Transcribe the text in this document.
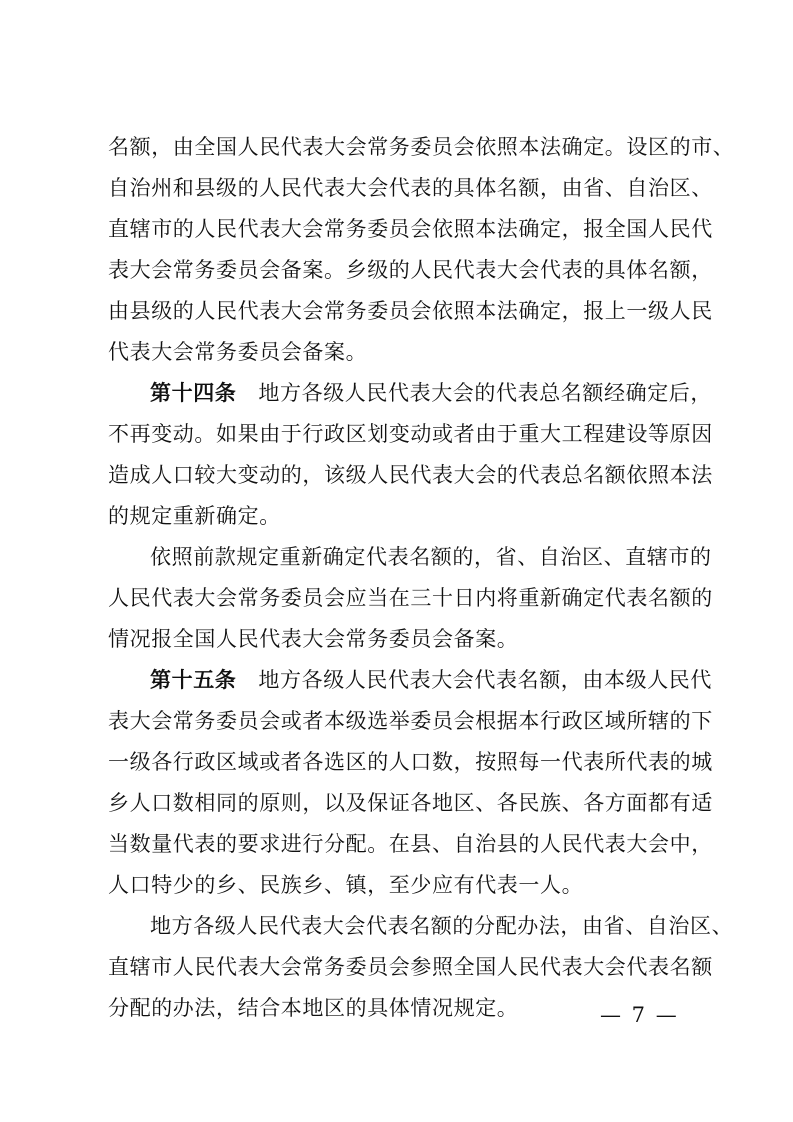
名额，由全国人民代表大会常务委员会依照本法确定。设区的市、
自治州和县级的人民代表大会代表的具体名额，由省、自治区、
直辖市的人民代表大会常务委员会依照本法确定，报全国人民代
表大会常务委员会备案。乡级的人民代表大会代表的具体名额，
由县级的人民代表大会常务委员会依照本法确定，报上一级人民
代表大会常务委员会备案。
第十四条 地方各级人民代表大会的代表总名额经确定后，
不再变动。如果由于行政区划变动或者由于重大工程建设等原因
造成人口较大变动的，该级人民代表大会的代表总名额依照本法
的规定重新确定。
依照前款规定重新确定代表名额的，省、自治区、直辖市的
人民代表大会常务委员会应当在三十日内将重新确定代表名额的
情况报全国人民代表大会常务委员会备案。
第十五条 地方各级人民代表大会代表名额，由本级人民代
表大会常务委员会或者本级选举委员会根据本行政区域所辖的下
一级各行政区域或者各选区的人口数，按照每一代表所代表的城
乡人口数相同的原则，以及保证各地区、各民族、各方面都有适
当数量代表的要求进行分配。在县、自治县的人民代表大会中，
人口特少的乡、民族乡、镇，至少应有代表一人。
地方各级人民代表大会代表名额的分配办法，由省、自治区、
直辖市人民代表大会常务委员会参照全国人民代表大会代表名额
分配的办法，结合本地区的具体情况规定。	— 7 —
